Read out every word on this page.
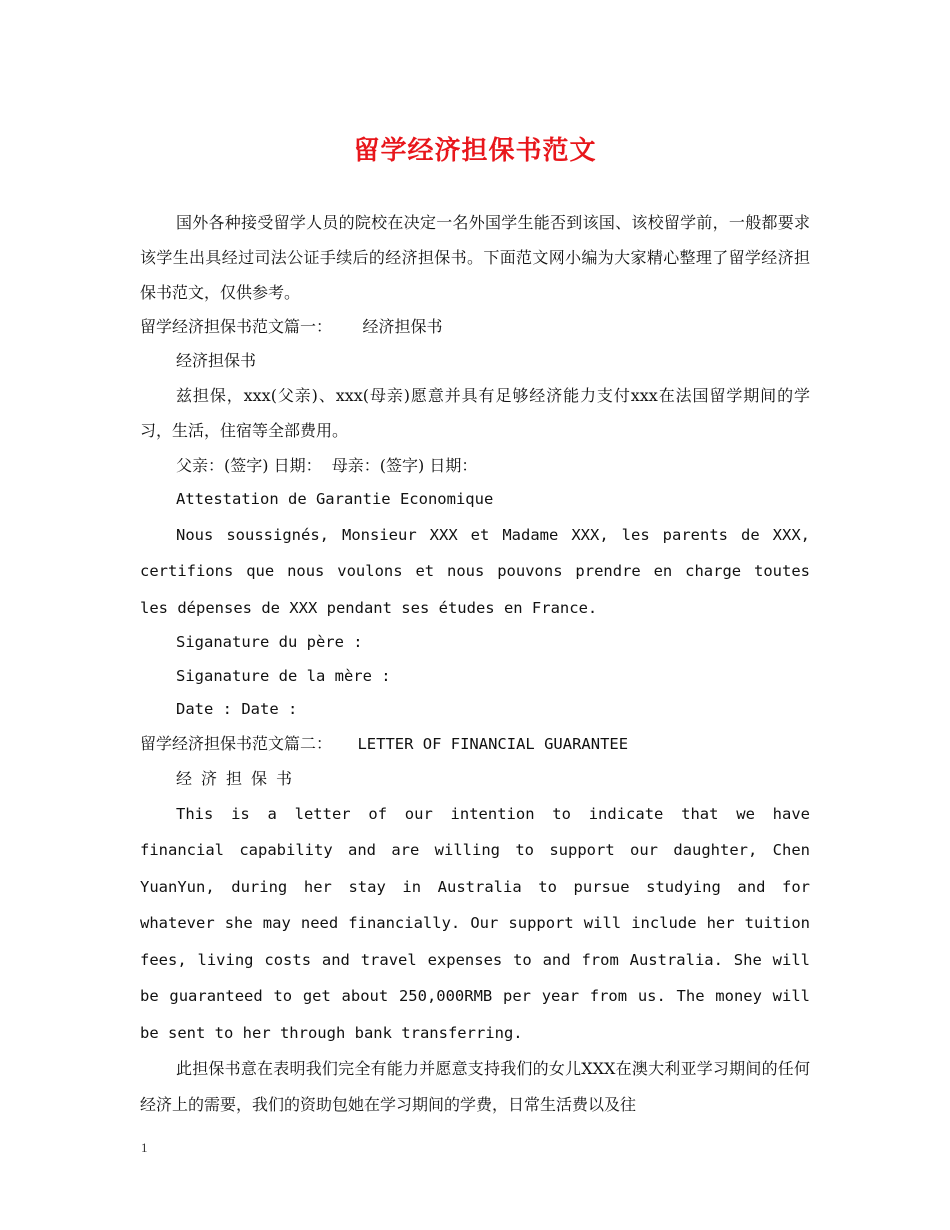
留学经济担保书范文

国外各种接受留学人员的院校在决定一名外国学生能否到该国、该校留学前，一般都要求该学生出具经过司法公证手续后的经济担保书。下面范文网小编为大家精心整理了留学经济担保书范文，仅供参考。

留学经济担保书范文篇一： 经济担保书

经济担保书

兹担保，xxx(父亲)、xxx(母亲)愿意并具有足够经济能力支付xxx在法国留学期间的学习，生活，住宿等全部费用。

父亲：(签字) 日期：  母亲：(签字) 日期：

Attestation de Garantie Economique

Nous soussignés, Monsieur XXX et Madame XXX, les parents de XXX, certifions que nous voulons et nous pouvons prendre en charge toutes les dépenses de XXX pendant ses études en France.

Siganature du père :

Siganature de la mère :

Date : Date :

留学经济担保书范文篇二： LETTER OF FINANCIAL GUARANTEE

经济担保书

This is a letter of our intention to indicate that we have financial capability and are willing to support our daughter, Chen YuanYun, during her stay in Australia to pursue studying and for whatever she may need financially. Our support will include her tuition fees, living costs and travel expenses to and from Australia. She will be guaranteed to get about 250,000RMB per year from us. The money will be sent to her through bank transferring.

此担保书意在表明我们完全有能力并愿意支持我们的女儿XXX在澳大利亚学习期间的任何经济上的需要，我们的资助包她在学习期间的学费，日常生活费以及往

1
